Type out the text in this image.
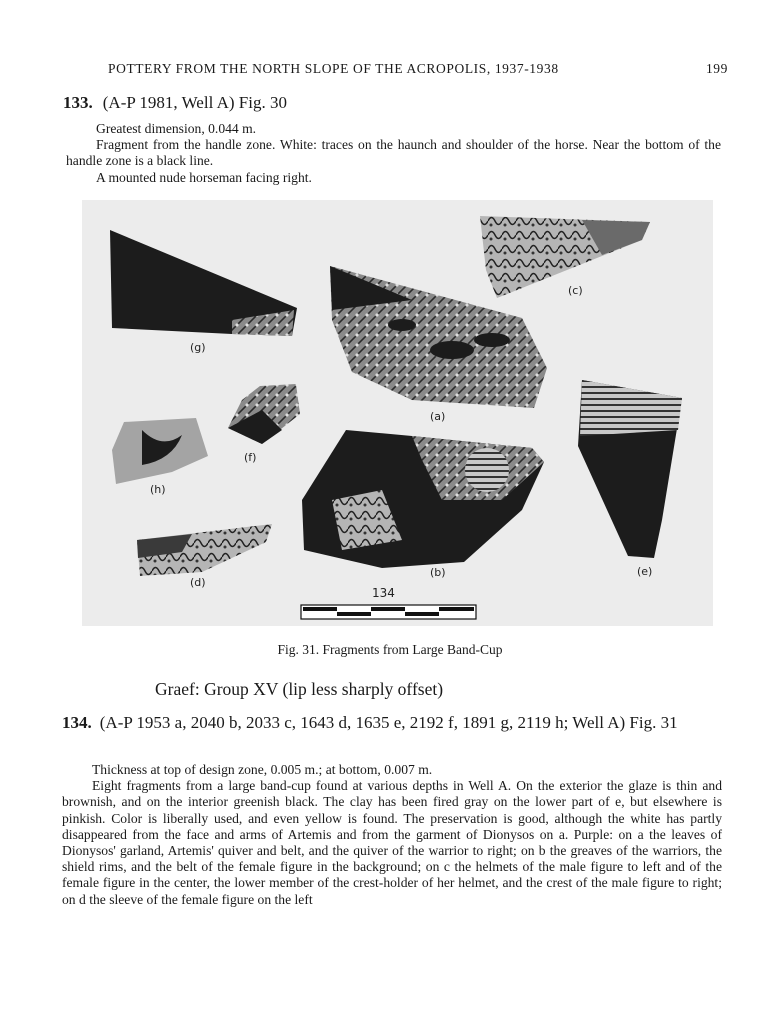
POTTERY FROM THE NORTH SLOPE OF THE ACROPOLIS, 1937-1938	199
133. (A-P 1981, Well A) Fig. 30
Greatest dimension, 0.044 m.
Fragment from the handle zone. White: traces on the haunch and shoulder of the horse. Near the bottom of the handle zone is a black line.
A mounted nude horseman facing right.
(g)
(c)
(a)
(f)
(h)
(b)
(d)
(e)
134
Fig. 31. Fragments from Large Band-Cup
Graef: Group XV (lip less sharply offset)
134. (A-P 1953 a, 2040 b, 2033 c, 1643 d, 1635 e, 2192 f, 1891 g, 2119 h; Well A) Fig. 31

Thickness at top of design zone, 0.005 m.; at bottom, 0.007 m.

Eight fragments from a large band-cup found at various depths in Well A. On the exterior the glaze is thin and brownish, and on the interior greenish black. The clay has been fired gray on the lower part of e, but elsewhere is pinkish. Color is liberally used, and even yellow is found. The preservation is good, although the white has partly disappeared from the face and arms of Artemis and from the garment of Dionysos on a. Purple: on a the leaves of Dionysos' garland, Artemis' quiver and belt, and the quiver of the warrior to right; on b the greaves of the warriors, the shield rims, and the belt of the female figure in the background; on c the helmets of the male figure to left and of the female figure in the center, the lower member of the crest-holder of her helmet, and the crest of the male figure to right; on d the sleeve of the female figure on the left
